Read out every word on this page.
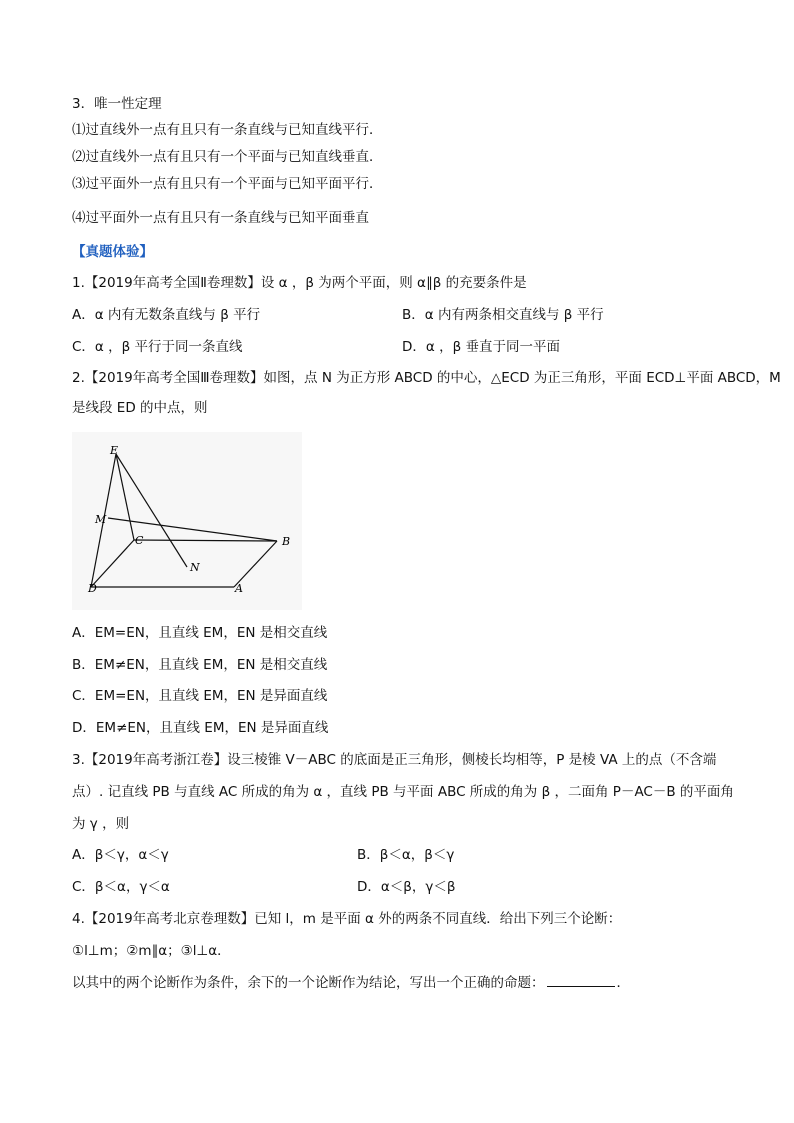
3．唯一性定理
⑴过直线外一点有且只有一条直线与已知直线平行．
⑵过直线外一点有且只有一个平面与已知直线垂直．
⑶过平面外一点有且只有一个平面与已知平面平行．
⑷过平面外一点有且只有一条直线与已知平面垂直
【真题体验】
1.【2019年高考全国Ⅱ卷理数】设 α ，β 为两个平面，则 α∥β 的充要条件是
A．α 内有无数条直线与 β 平行	B．α 内有两条相交直线与 β 平行
C．α ，β 平行于同一条直线	D．α ，β 垂直于同一平面
2.【2019年高考全国Ⅲ卷理数】如图，点 N 为正方形 ABCD 的中心，△ECD 为正三角形，平面 ECD⊥平面 ABCD，M
是线段 ED 的中点，则
E
M
C	B
N
D	A
A．EM=EN，且直线 EM，EN 是相交直线
B．EM≠EN，且直线 EM，EN 是相交直线
C．EM=EN，且直线 EM，EN 是异面直线
D．EM≠EN，且直线 EM，EN 是异面直线
3.【2019年高考浙江卷】设三棱锥 V－ABC 的底面是正三角形，侧棱长均相等，P 是棱 VA 上的点（不含端
点）. 记直线 PB 与直线 AC 所成的角为 α ，直线 PB 与平面 ABC 所成的角为 β ，二面角 P－AC－B 的平面角
为 γ ，则
A．β＜γ，α＜γ	B．β＜α，β＜γ
C．β＜α，γ＜α	D．α＜β，γ＜β
4.【2019年高考北京卷理数】已知 l，m 是平面 α 外的两条不同直线．给出下列三个论断：
①l⊥m；②m∥α；③l⊥α．
以其中的两个论断作为条件，余下的一个论断作为结论，写出一个正确的命题：	．
